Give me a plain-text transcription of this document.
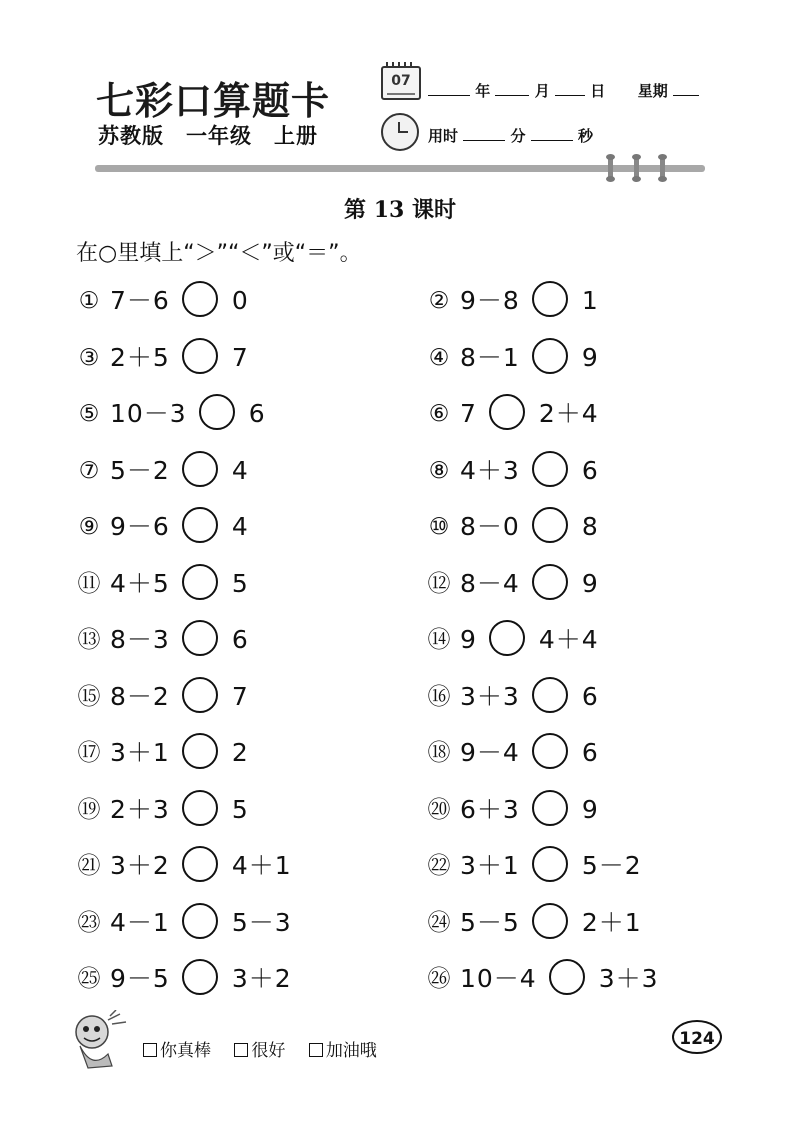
七彩口算题卡
苏教版　一年级　上册
07
年	月	日 星期
用时	分	秒
第 13 课时
在○里填上“＞”“＜”或“＝”。
① 7－6 0	② 9－8 1
③ 2＋5 7	④ 8－1 9
⑤ 10－3 6	⑥ 7 2＋4
⑦ 5－2 4	⑧ 4＋3 6
⑨ 9－6 4	⑩ 8－0 8
⑪ 4＋5 5	⑫ 8－4 9
⑬ 8－3 6	⑭ 9 4＋4
⑮ 8－2 7	⑯ 3＋3 6
⑰ 3＋1 2	⑱ 9－4 6
⑲ 2＋3 5	⑳ 6＋3 9
㉑ 3＋2 4＋1	㉒ 3＋1 5－2
㉓ 4－1 5－3	㉔ 5－5 2＋1
㉕ 9－5 3＋2	㉖ 10－4 3＋3
你真棒 很好 加油哦
124
